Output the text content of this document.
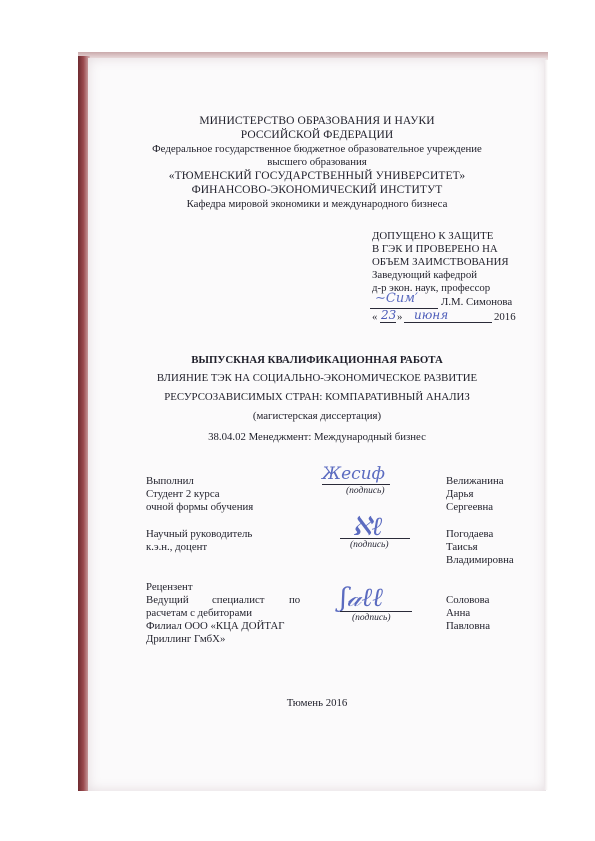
МИНИСТЕРСТВО ОБРАЗОВАНИЯ И НАУКИ
РОССИЙСКОЙ ФЕДЕРАЦИИ
Федеральное государственное бюджетное образовательное учреждение
высшего образования
«ТЮМЕНСКИЙ ГОСУДАРСТВЕННЫЙ УНИВЕРСИТЕТ»
ФИНАНСОВО-ЭКОНОМИЧЕСКИЙ ИНСТИТУТ
Кафедра мировой экономики и международного бизнеса
ДОПУЩЕНО К ЗАЩИТЕ
В ГЭК И ПРОВЕРЕНО НА
ОБЪЕМ ЗАИМСТВОВАНИЯ
Заведующий кафедрой
д-р экон. наук, профессор
∼Сим′ Л.М. Симонова
« 23 » июня	2016
ВЫПУСКНАЯ КВАЛИФИКАЦИОННАЯ РАБОТА
ВЛИЯНИЕ ТЭК НА СОЦИАЛЬНО-ЭКОНОМИЧЕСКОЕ РАЗВИТИЕ
РЕСУРСОЗАВИСИМЫХ СТРАН: КОМПАРАТИВНЫЙ АНАЛИЗ
(магистерская диссертация)
38.04.02 Менеджмент: Международный бизнес
Выполнил
Студент 2 курса
очной формы обучения
Жесиф
(подпись)
Велижанина
Дарья
Сергеевна
Научный руководитель
к.э.н., доцент
ℵℓ
(подпись)
Погодаева
Таисья
Владимировна
Рецензент
Ведущий специалист по
расчетам с дебиторами
Филиал ООО «КЦА ДОЙТАГ
Дриллинг ГмбХ»
ʃ𝒶ℓℓ
(подпись)
Соловова
Анна
Павловна
Тюмень 2016
